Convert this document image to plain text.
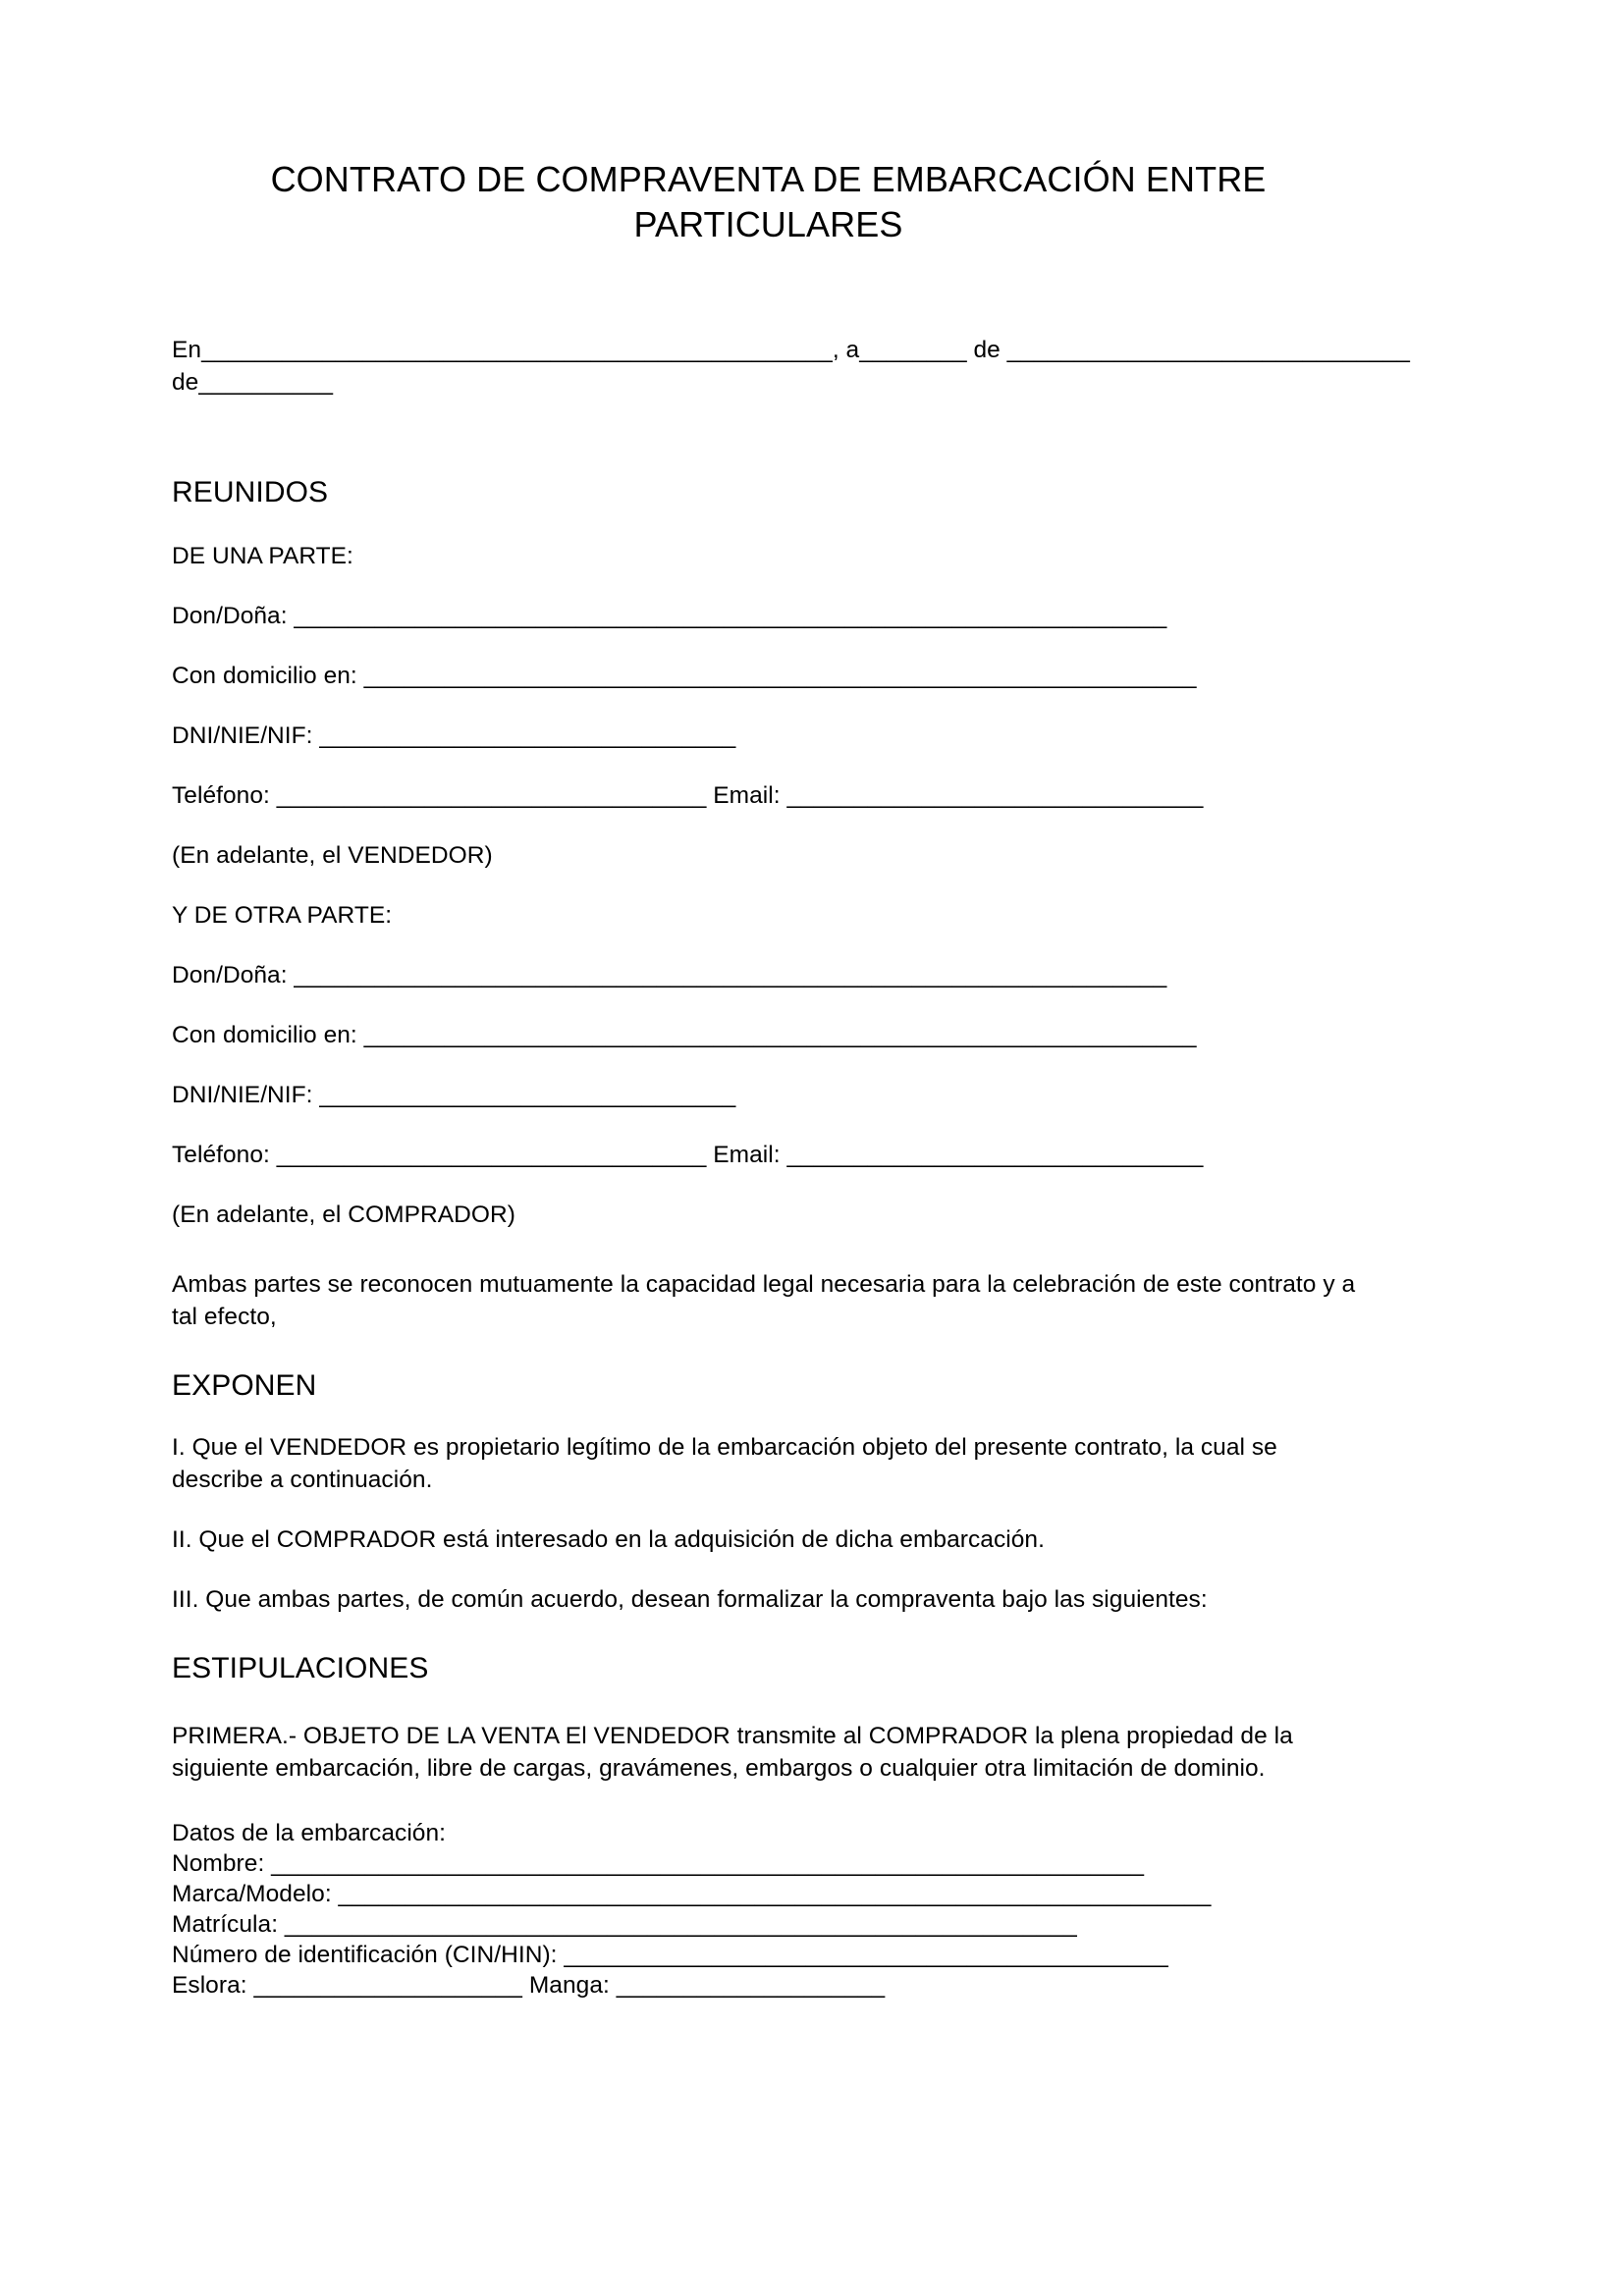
CONTRATO DE COMPRAVENTA DE EMBARCACIÓN ENTRE PARTICULARES
En_______________________________________________, a________ de ______________________________
de__________
REUNIDOS
DE UNA PARTE:
Don/Doña: _________________________________________________________________
Con domicilio en: ______________________________________________________________
DNI/NIE/NIF: _______________________________
Teléfono: ________________________________ Email: _______________________________
(En adelante, el VENDEDOR)
Y DE OTRA PARTE:
Don/Doña: _________________________________________________________________
Con domicilio en: ______________________________________________________________
DNI/NIE/NIF: _______________________________
Teléfono: ________________________________ Email: _______________________________
(En adelante, el COMPRADOR)
Ambas partes se reconocen mutuamente la capacidad legal necesaria para la celebración de este contrato y a tal efecto,
EXPONEN
I. Que el VENDEDOR es propietario legítimo de la embarcación objeto del presente contrato, la cual se describe a continuación.
II. Que el COMPRADOR está interesado en la adquisición de dicha embarcación.
III. Que ambas partes, de común acuerdo, desean formalizar la compraventa bajo las siguientes:
ESTIPULACIONES
PRIMERA.- OBJETO DE LA VENTA El VENDEDOR transmite al COMPRADOR la plena propiedad de la siguiente embarcación, libre de cargas, gravámenes, embargos o cualquier otra limitación de dominio.
Datos de la embarcación:
Nombre: _________________________________________________________________
Marca/Modelo: _________________________________________________________________
Matrícula: ___________________________________________________________
Número de identificación (CIN/HIN): _____________________________________________
Eslora: ____________________ Manga: ____________________
